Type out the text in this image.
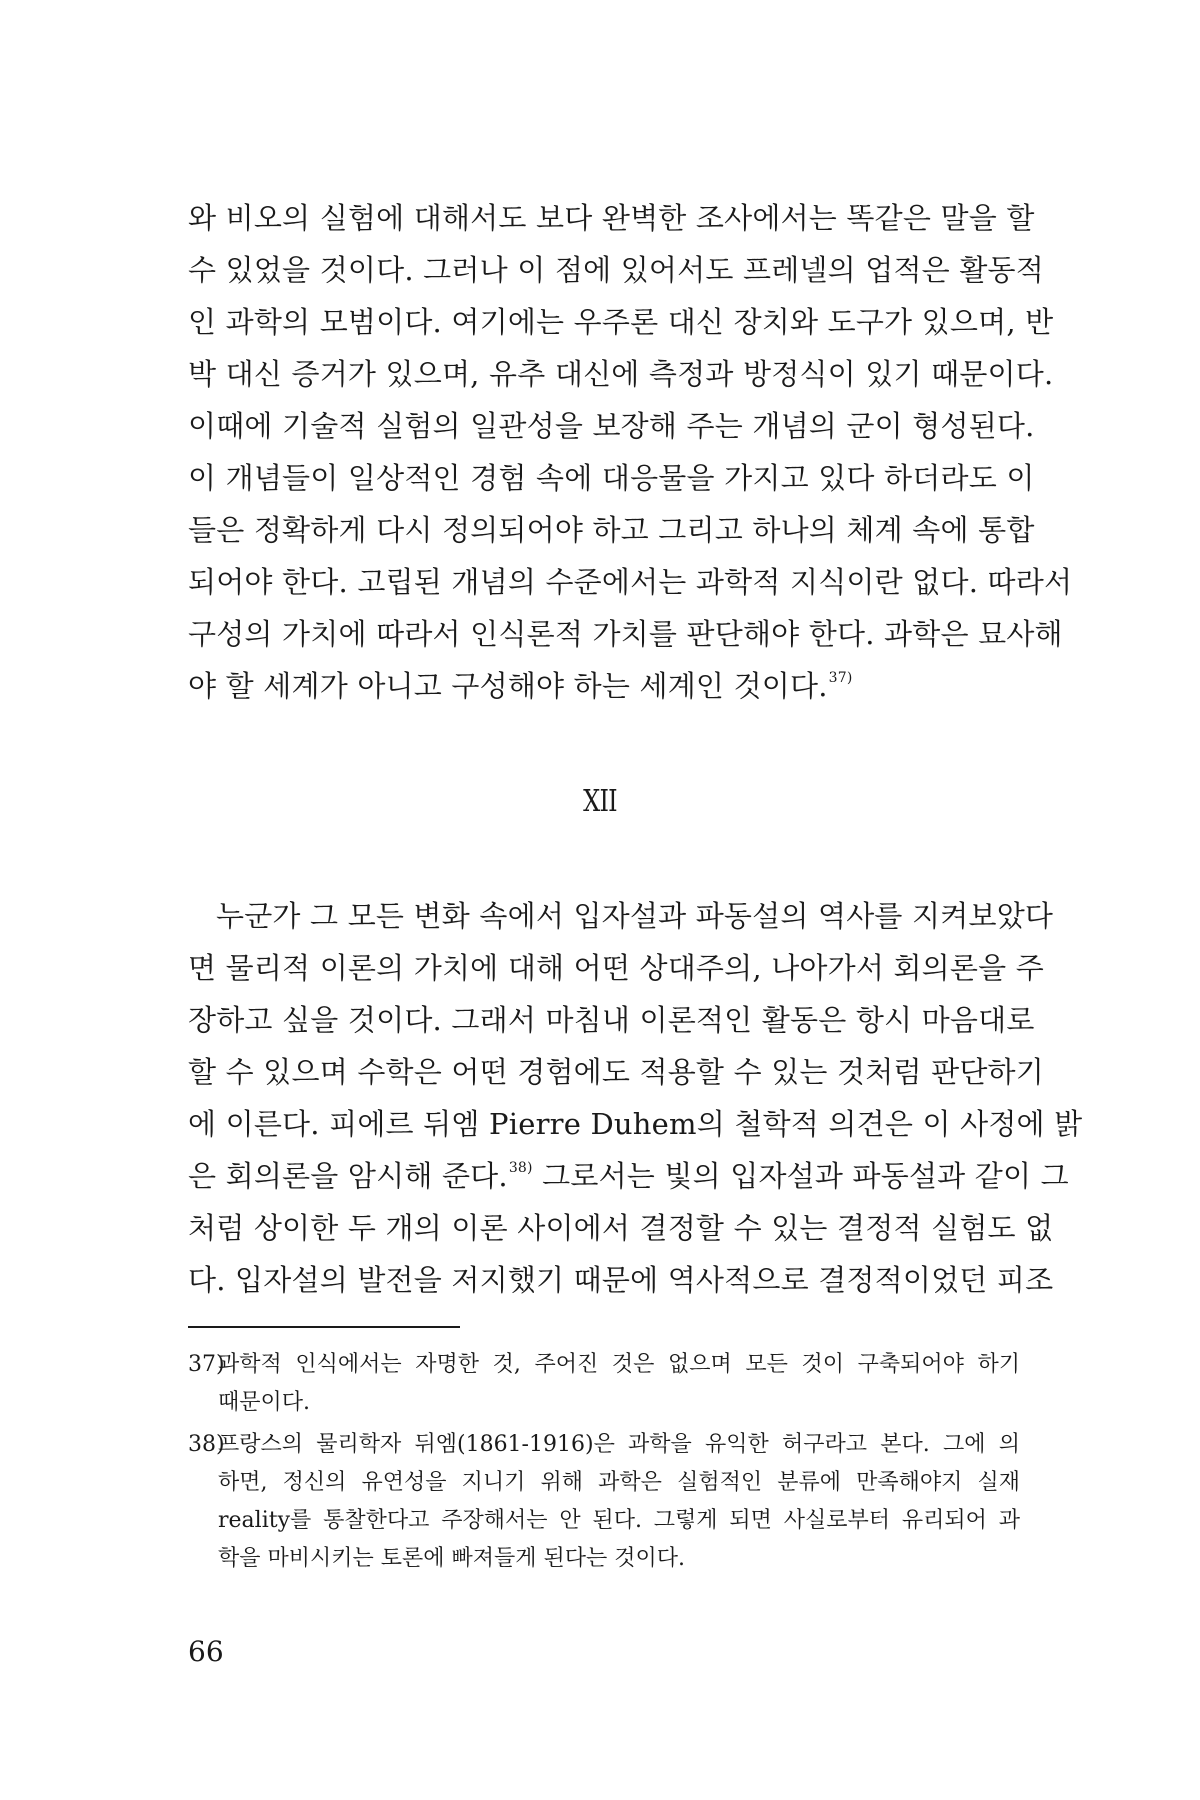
와 비오의 실험에 대해서도 보다 완벽한 조사에서는 똑같은 말을 할
수 있었을 것이다. 그러나 이 점에 있어서도 프레넬의 업적은 활동적
인 과학의 모범이다. 여기에는 우주론 대신 장치와 도구가 있으며, 반
박 대신 증거가 있으며, 유추 대신에 측정과 방정식이 있기 때문이다.
이때에 기술적 실험의 일관성을 보장해 주는 개념의 군이 형성된다.
이 개념들이 일상적인 경험 속에 대응물을 가지고 있다 하더라도 이
들은 정확하게 다시 정의되어야 하고 그리고 하나의 체계 속에 통합
되어야 한다. 고립된 개념의 수준에서는 과학적 지식이란 없다. 따라서
구성의 가치에 따라서 인식론적 가치를 판단해야 한다. 과학은 묘사해
야 할 세계가 아니고 구성해야 하는 세계인 것이다.$^{37)}$
XII
누군가 그 모든 변화 속에서 입자설과 파동설의 역사를 지켜보았다
면 물리적 이론의 가치에 대해 어떤 상대주의, 나아가서 회의론을 주
장하고 싶을 것이다. 그래서 마침내 이론적인 활동은 항시 마음대로
할 수 있으며 수학은 어떤 경험에도 적용할 수 있는 것처럼 판단하기
에 이른다. 피에르 뒤엠 Pierre Duhem의 철학적 의견은 이 사정에 밝
은 회의론을 암시해 준다.$^{38)}$ 그로서는 빛의 입자설과 파동설과 같이 그
처럼 상이한 두 개의 이론 사이에서 결정할 수 있는 결정적 실험도 없
다. 입자설의 발전을 저지했기 때문에 역사적으로 결정적이었던 피조
37)
과학적 인식에서는 자명한 것, 주어진 것은 없으며 모든 것이 구축되어야 하기
때문이다.
38)
프랑스의 물리학자 뒤엠(1861-1916)은 과학을 유익한 허구라고 본다. 그에 의
하면, 정신의 유연성을 지니기 위해 과학은 실험적인 분류에 만족해야지 실재
reality를 통찰한다고 주장해서는 안 된다. 그렇게 되면 사실로부터 유리되어 과
학을 마비시키는 토론에 빠져들게 된다는 것이다.
66
